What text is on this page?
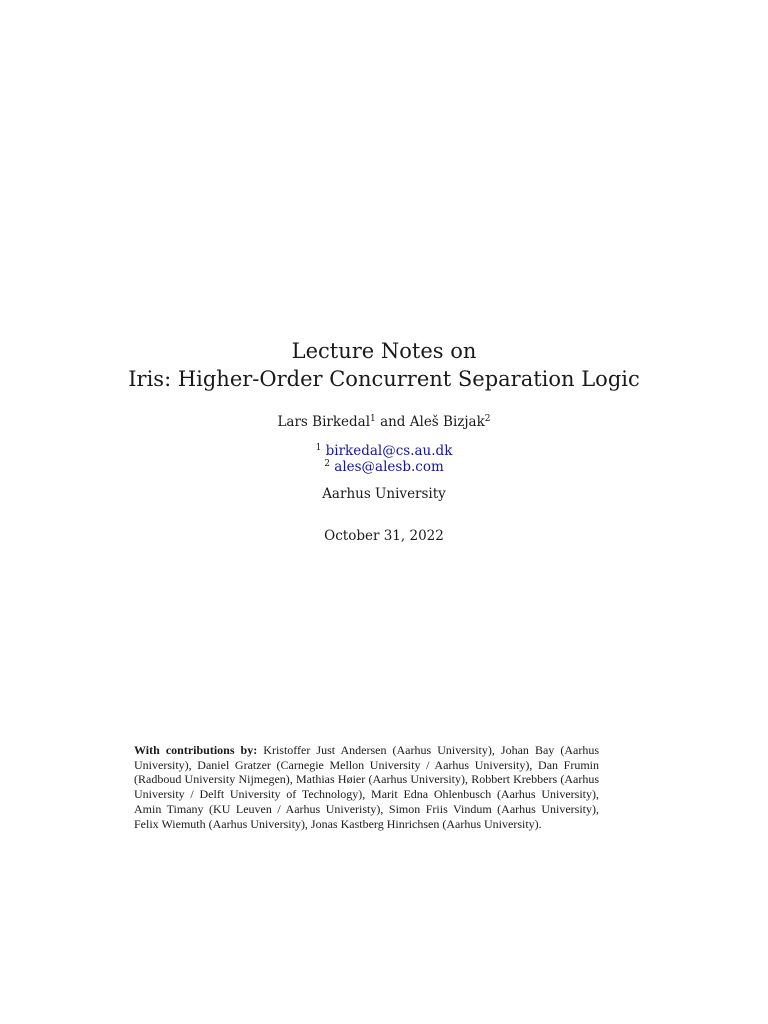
Lecture Notes on
Iris: Higher-Order Concurrent Separation Logic
Lars Birkedal$^1$ and Aleš Bizjak$^2$
$^1$ birkedal@cs.au.dk
$^2$ ales@alesb.com
Aarhus University
October 31, 2022
With contributions by: Kristoffer Just Andersen (Aarhus University), Johan Bay (Aarhus University), Daniel Gratzer (Carnegie Mellon University / Aarhus University), Dan Frumin (Radboud University Nijmegen), Mathias Høier (Aarhus University), Robbert Krebbers (Aarhus University / Delft University of Technology), Marit Edna Ohlenbusch (Aarhus University), Amin Timany (KU Leuven / Aarhus Univeristy), Simon Friis Vindum (Aarhus University), Felix Wiemuth (Aarhus University), Jonas Kastberg Hinrichsen (Aarhus University).
